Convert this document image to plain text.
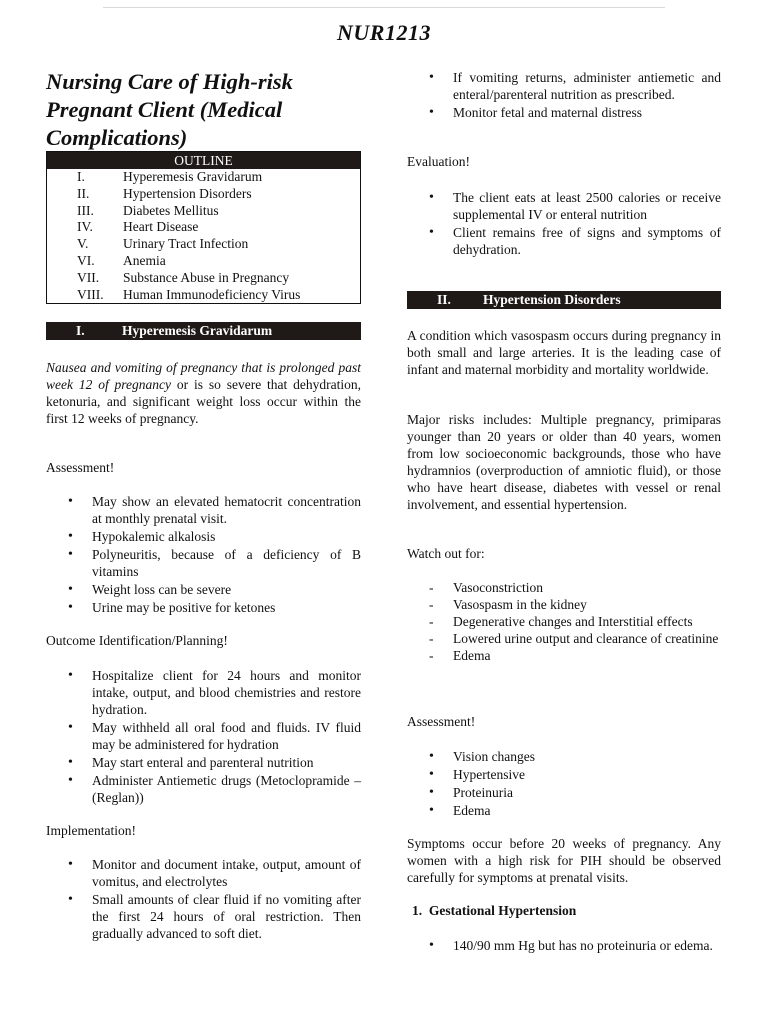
NUR1213
Nursing Care of High-risk Pregnant Client (Medical Complications)
OUTLINE
I.	Hyperemesis Gravidarum
II.	Hypertension Disorders
III.	Diabetes Mellitus
IV.	Heart Disease
V.	Urinary Tract Infection
VI.	Anemia
VII.	Substance Abuse in Pregnancy
VIII.	Human Immunodeficiency Virus
I.	Hyperemesis Gravidarum
Nausea and vomiting of pregnancy that is prolonged past week 12 of pregnancy or is so severe that dehydration, ketonuria, and significant weight loss occur within the first 12 weeks of pregnancy.
Assessment!
• May show an elevated hematocrit concentration at monthly prenatal visit.
• Hypokalemic alkalosis
• Polyneuritis, because of a deficiency of B vitamins
• Weight loss can be severe
• Urine may be positive for ketones
Outcome Identification/Planning!
• Hospitalize client for 24 hours and monitor intake, output, and blood chemistries and restore hydration.
• May withheld all oral food and fluids. IV fluid may be administered for hydration
• May start enteral and parenteral nutrition
• Administer Antiemetic drugs (Metoclopramide – (Reglan))
Implementation!
• Monitor and document intake, output, amount of vomitus, and electrolytes
• Small amounts of clear fluid if no vomiting after the first 24 hours of oral restriction. Then gradually advanced to soft diet.
• If vomiting returns, administer antiemetic and enteral/parenteral nutrition as prescribed.
• Monitor fetal and maternal distress
Evaluation!
• The client eats at least 2500 calories or receive supplemental IV or enteral nutrition
• Client remains free of signs and symptoms of dehydration.
II.	Hypertension Disorders
A condition which vasospasm occurs during pregnancy in both small and large arteries. It is the leading case of infant and maternal morbidity and mortality worldwide.
Major risks includes: Multiple pregnancy, primiparas younger than 20 years or older than 40 years, women from low socioeconomic backgrounds, those who have hydramnios (overproduction of amniotic fluid), or those who have heart disease, diabetes with vessel or renal involvement, and essential hypertension.
Watch out for:
- Vasoconstriction
- Vasospasm in the kidney
- Degenerative changes and Interstitial effects
- Lowered urine output and clearance of creatinine
- Edema
Assessment!
• Vision changes
• Hypertensive
• Proteinuria
• Edema
Symptoms occur before 20 weeks of pregnancy. Any women with a high risk for PIH should be observed carefully for symptoms at prenatal visits.
1. Gestational Hypertension
• 140/90 mm Hg but has no proteinuria or edema.
